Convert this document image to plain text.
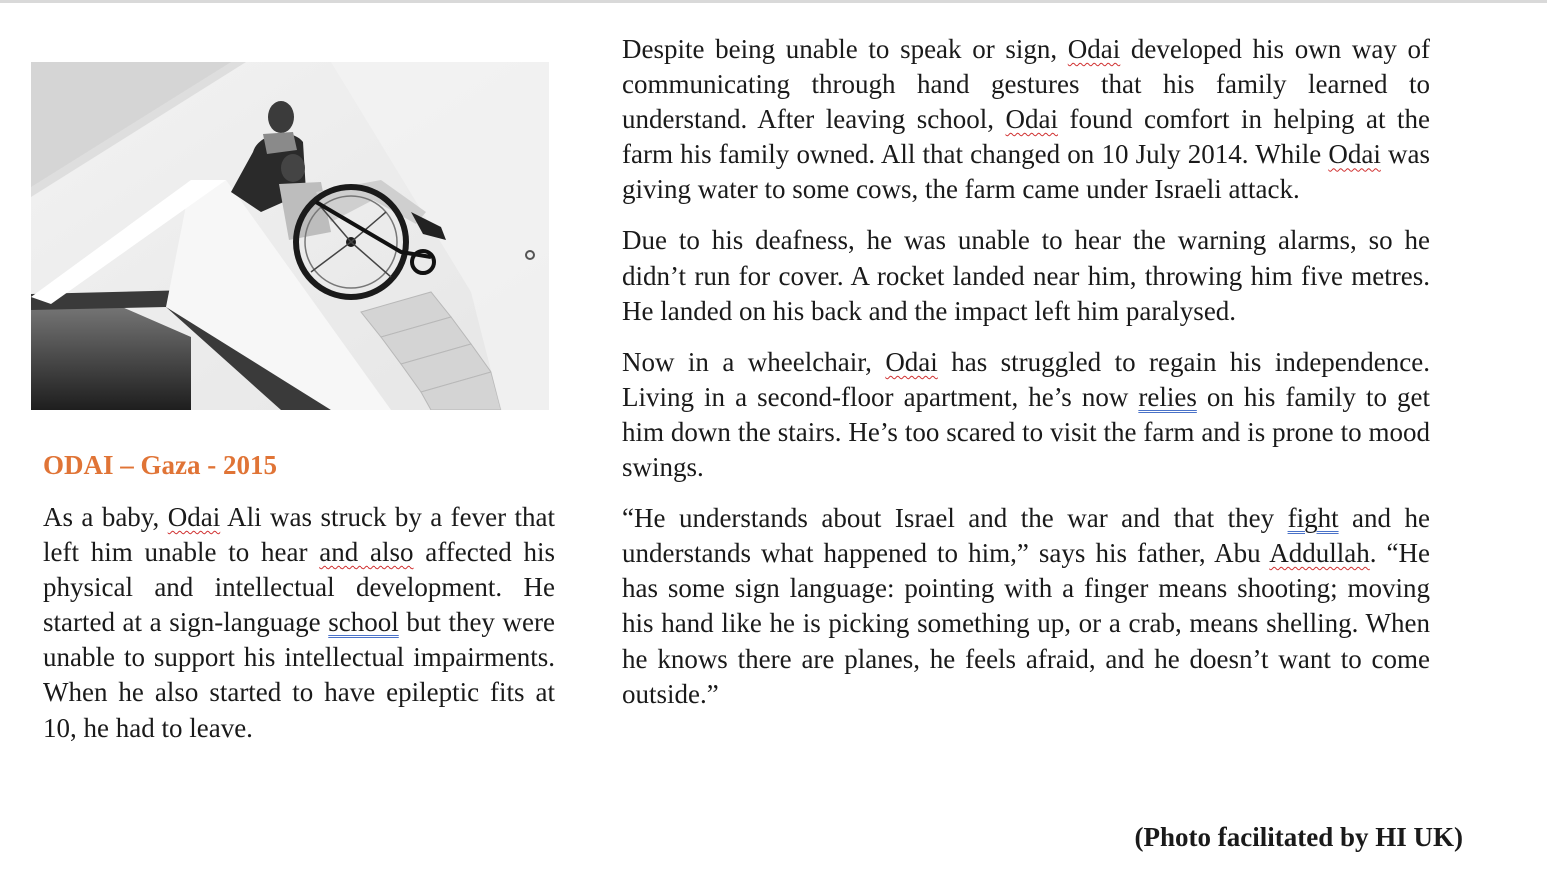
ODAI – Gaza - 2015

As a baby, Odai Ali was struck by a fever that left him unable to hear and also affected his physical and intellectual development. He started at a sign-language school but they were unable to support his intellectual impairments. When he also started to have epileptic fits at 10, he had to leave.

Despite being unable to speak or sign, Odai developed his own way of communicating through hand gestures that his family learned to understand. After leaving school, Odai found comfort in helping at the farm his family owned. All that changed on 10 July 2014. While Odai was giving water to some cows, the farm came under Israeli attack.

Due to his deafness, he was unable to hear the warning alarms, so he didn’t run for cover. A rocket landed near him, throwing him five metres. He landed on his back and the impact left him paralysed.

Now in a wheelchair, Odai has struggled to regain his independence. Living in a second-floor apartment, he’s now relies on his family to get him down the stairs. He’s too scared to visit the farm and is prone to mood swings.

“He understands about Israel and the war and that they fight and he understands what happened to him,” says his father, Abu Addullah. “He has some sign language: pointing with a finger means shooting; moving his hand like he is picking something up, or a crab, means shelling. When he knows there are planes, he feels afraid, and he doesn’t want to come outside.”

(Photo facilitated by HI UK)
